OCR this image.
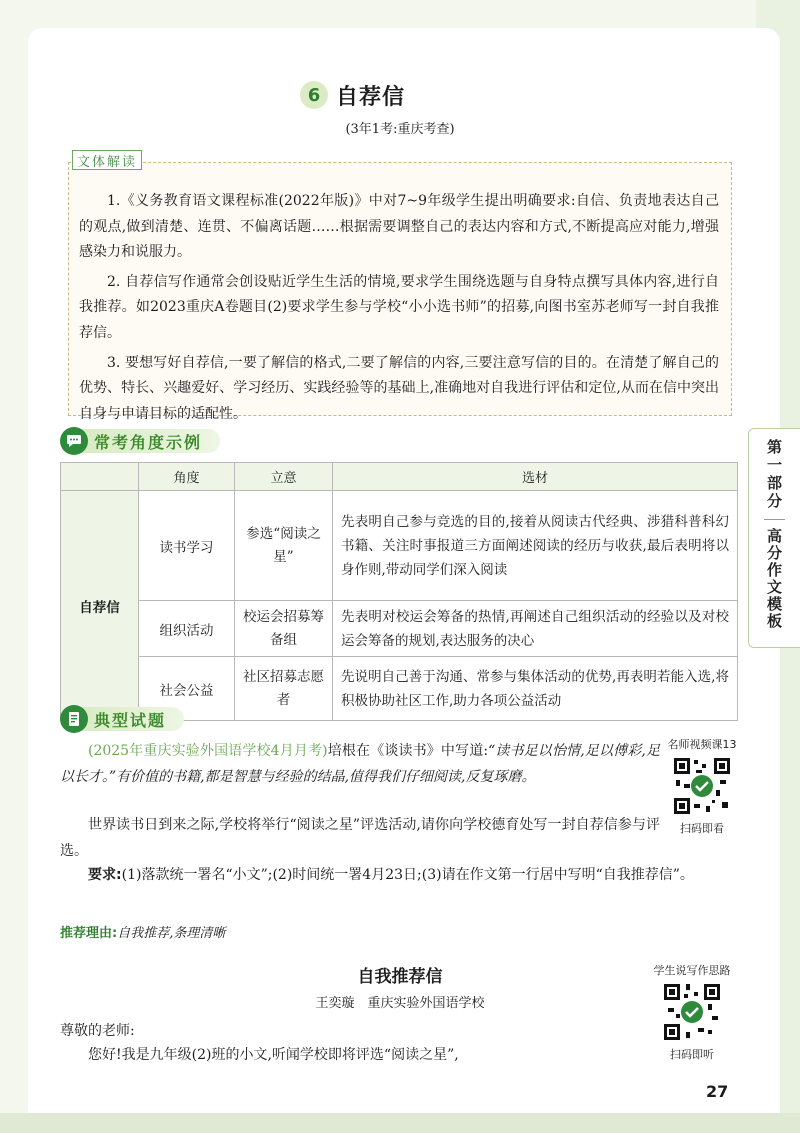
第一部分
高分作文模板
6 自荐信
(3年1考:重庆考查)

1.《义务教育语文课程标准(2022年版)》中对7~9年级学生提出明确要求:自信、负责地表达自己的观点,做到清楚、连贯、不偏离话题……根据需要调整自己的表达内容和方式,不断提高应对能力,增强感染力和说服力。

2. 自荐信写作通常会创设贴近学生生活的情境,要求学生围绕选题与自身特点撰写具体内容,进行自我推荐。如2023重庆A卷题目(2)要求学生参与学校“小小选书师”的招募,向图书室苏老师写一封自我推荐信。

3. 要想写好自荐信,一要了解信的格式,二要了解信的内容,三要注意写信的目的。在清楚了解自己的优势、特长、兴趣爱好、学习经历、实践经验等的基础上,准确地对自我进行评估和定位,从而在信中突出自身与申请目标的适配性。

文体解读
常考角度示例
	角度	立意	选材
自荐信	读书学习	参选“阅读之星”	先表明自己参与竞选的目的,接着从阅读古代经典、涉猎科普科幻书籍、关注时事报道三方面阐述阅读的经历与收获,最后表明将以身作则,带动同学们深入阅读
	组织活动	校运会招募筹备组	先表明对校运会筹备的热情,再阐述自己组织活动的经验以及对校运会筹备的规划,表达服务的决心
	社会公益	社区招募志愿者	先说明自己善于沟通、常参与集体活动的优势,再表明若能入选,将积极协助社区工作,助力各项公益活动
典型试题
(2025年重庆实验外国语学校4月月考)培根在《谈读书》中写道:“读书足以怡情,足以傅彩,足以长才。”有价值的书籍,都是智慧与经验的结晶,值得我们仔细阅读,反复琢磨。
世界读书日到来之际,学校将举行“阅读之星”评选活动,请你向学校德育处写一封自荐信参与评选。
要求:(1)落款统一署名“小文”;(2)时间统一署4月23日;(3)请在作文第一行居中写明“自我推荐信”。
推荐理由:自我推荐,条理清晰
名师视频课13
扫码即看
自我推荐信
王奕璇　重庆实验外国语学校
学生说写作思路
扫码即听
尊敬的老师:
您好!我是九年级(2)班的小文,听闻学校即将评选“阅读之星”,
27
